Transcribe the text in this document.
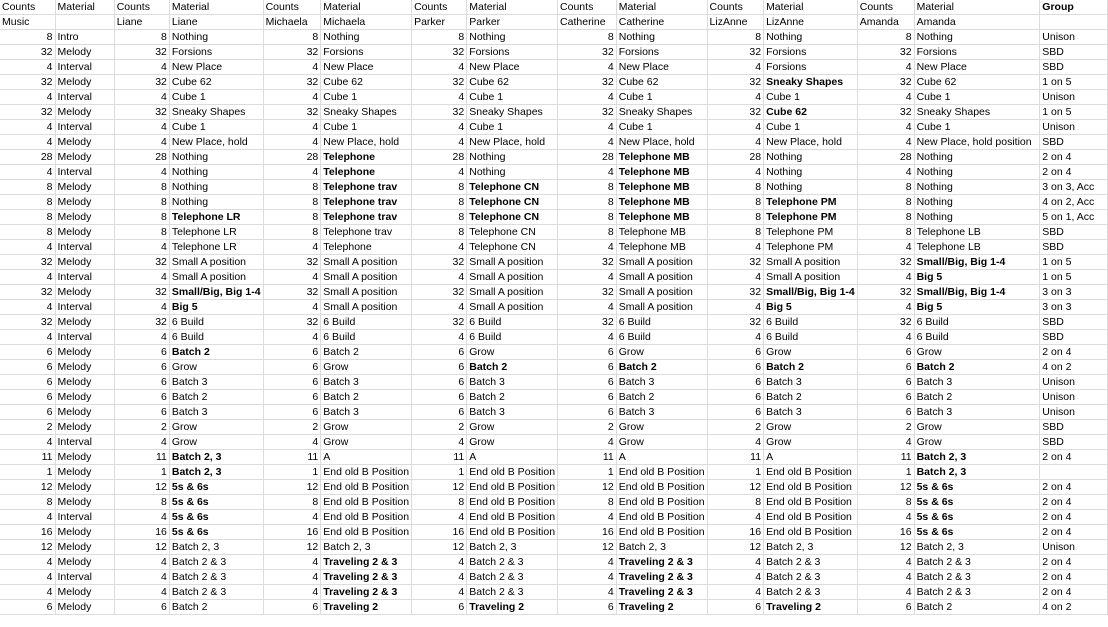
Counts	Material	Counts	Material	Counts	Material	Counts	Material	Counts	Material	Counts	Material	Counts	Material	Group
Music		Liane	Liane	Michaela	Michaela	Parker	Parker	Catherine	Catherine	LizAnne	LizAnne	Amanda	Amanda	
8	Intro	8	Nothing	8	Nothing	8	Nothing	8	Nothing	8	Nothing	8	Nothing	Unison
32	Melody	32	Forsions	32	Forsions	32	Forsions	32	Forsions	32	Forsions	32	Forsions	SBD
4	Interval	4	New Place	4	New Place	4	New Place	4	New Place	4	Forsions	4	New Place	SBD
32	Melody	32	Cube 62	32	Cube 62	32	Cube 62	32	Cube 62	32	Sneaky Shapes	32	Cube 62	1 on 5
4	Interval	4	Cube 1	4	Cube 1	4	Cube 1	4	Cube 1	4	Cube 1	4	Cube 1	Unison
32	Melody	32	Sneaky Shapes	32	Sneaky Shapes	32	Sneaky Shapes	32	Sneaky Shapes	32	Cube 62	32	Sneaky Shapes	1 on 5
4	Interval	4	Cube 1	4	Cube 1	4	Cube 1	4	Cube 1	4	Cube 1	4	Cube 1	Unison
4	Melody	4	New Place, hold	4	New Place, hold	4	New Place, hold	4	New Place, hold	4	New Place, hold	4	New Place, hold position	SBD
28	Melody	28	Nothing	28	Telephone	28	Nothing	28	Telephone MB	28	Nothing	28	Nothing	2 on 4
4	Interval	4	Nothing	4	Telephone	4	Nothing	4	Telephone MB	4	Nothing	4	Nothing	2 on 4
8	Melody	8	Nothing	8	Telephone trav	8	Telephone CN	8	Telephone MB	8	Nothing	8	Nothing	3 on 3, Acc
8	Melody	8	Nothing	8	Telephone trav	8	Telephone CN	8	Telephone MB	8	Telephone PM	8	Nothing	4 on 2, Acc
8	Melody	8	Telephone LR	8	Telephone trav	8	Telephone CN	8	Telephone MB	8	Telephone PM	8	Nothing	5 on 1, Acc
8	Melody	8	Telephone LR	8	Telephone trav	8	Telephone CN	8	Telephone MB	8	Telephone PM	8	Telephone LB	SBD
4	Interval	4	Telephone LR	4	Telephone	4	Telephone CN	4	Telephone MB	4	Telephone PM	4	Telephone LB	SBD
32	Melody	32	Small A position	32	Small A position	32	Small A position	32	Small A position	32	Small A position	32	Small/Big, Big 1-4	1 on 5
4	Interval	4	Small A position	4	Small A position	4	Small A position	4	Small A position	4	Small A position	4	Big 5	1 on 5
32	Melody	32	Small/Big, Big 1-4	32	Small A position	32	Small A position	32	Small A position	32	Small/Big, Big 1-4	32	Small/Big, Big 1-4	3 on 3
4	Interval	4	Big 5	4	Small A position	4	Small A position	4	Small A position	4	Big 5	4	Big 5	3 on 3
32	Melody	32	6 Build	32	6 Build	32	6 Build	32	6 Build	32	6 Build	32	6 Build	SBD
4	Interval	4	6 Build	4	6 Build	4	6 Build	4	6 Build	4	6 Build	4	6 Build	SBD
6	Melody	6	Batch 2	6	Batch 2	6	Grow	6	Grow	6	Grow	6	Grow	2 on 4
6	Melody	6	Grow	6	Grow	6	Batch 2	6	Batch 2	6	Batch 2	6	Batch 2	4 on 2
6	Melody	6	Batch 3	6	Batch 3	6	Batch 3	6	Batch 3	6	Batch 3	6	Batch 3	Unison
6	Melody	6	Batch 2	6	Batch 2	6	Batch 2	6	Batch 2	6	Batch 2	6	Batch 2	Unison
6	Melody	6	Batch 3	6	Batch 3	6	Batch 3	6	Batch 3	6	Batch 3	6	Batch 3	Unison
2	Melody	2	Grow	2	Grow	2	Grow	2	Grow	2	Grow	2	Grow	SBD
4	Interval	4	Grow	4	Grow	4	Grow	4	Grow	4	Grow	4	Grow	SBD
11	Melody	11	Batch 2, 3	11	A	11	A	11	A	11	A	11	Batch 2, 3	2 on 4
1	Melody	1	Batch 2, 3	1	End old B Position	1	End old B Position	1	End old B Position	1	End old B Position	1	Batch 2, 3	
12	Melody	12	5s & 6s	12	End old B Position	12	End old B Position	12	End old B Position	12	End old B Position	12	5s & 6s	2 on 4
8	Melody	8	5s & 6s	8	End old B Position	8	End old B Position	8	End old B Position	8	End old B Position	8	5s & 6s	2 on 4
4	Interval	4	5s & 6s	4	End old B Position	4	End old B Position	4	End old B Position	4	End old B Position	4	5s & 6s	2 on 4
16	Melody	16	5s & 6s	16	End old B Position	16	End old B Position	16	End old B Position	16	End old B Position	16	5s & 6s	2 on 4
12	Melody	12	Batch 2, 3	12	Batch 2, 3	12	Batch 2, 3	12	Batch 2, 3	12	Batch 2, 3	12	Batch 2, 3	Unison
4	Melody	4	Batch 2 & 3	4	Traveling 2 & 3	4	Batch 2 & 3	4	Traveling 2 & 3	4	Batch 2 & 3	4	Batch 2 & 3	2 on 4
4	Interval	4	Batch 2 & 3	4	Traveling 2 & 3	4	Batch 2 & 3	4	Traveling 2 & 3	4	Batch 2 & 3	4	Batch 2 & 3	2 on 4
4	Melody	4	Batch 2 & 3	4	Traveling 2 & 3	4	Batch 2 & 3	4	Traveling 2 & 3	4	Batch 2 & 3	4	Batch 2 & 3	2 on 4
6	Melody	6	Batch 2	6	Traveling 2	6	Traveling 2	6	Traveling 2	6	Traveling 2	6	Batch 2	4 on 2
